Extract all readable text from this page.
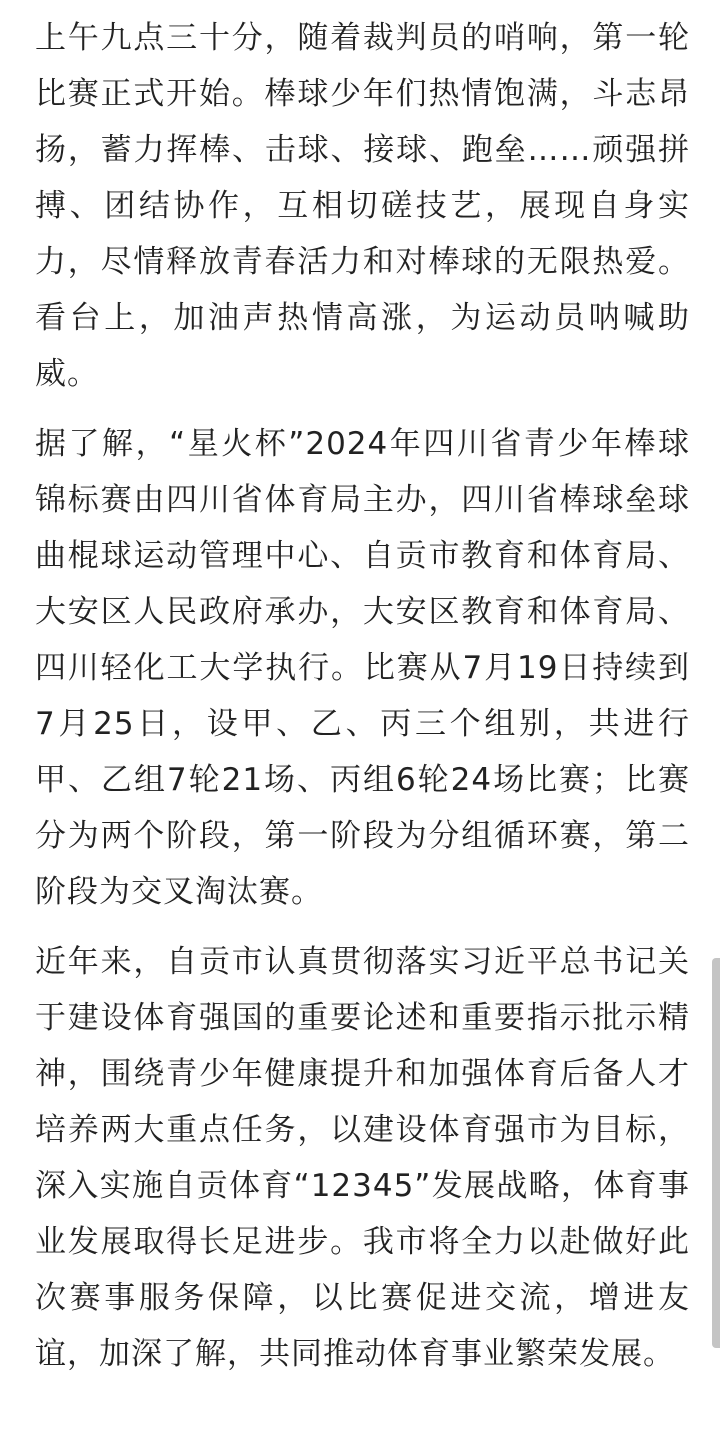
上午九点三十分，随着裁判员的哨响，第一轮比赛正式开始。棒球少年们热情饱满，斗志昂扬，蓄力挥棒、击球、接球、跑垒……顽强拼搏、团结协作，互相切磋技艺，展现自身实力，尽情释放青春活力和对棒球的无限热爱。看台上，加油声热情高涨，为运动员呐喊助威。

据了解，“星火杯”2024年四川省青少年棒球锦标赛由四川省体育局主办，四川省棒球垒球曲棍球运动管理中心、自贡市教育和体育局、大安区人民政府承办，大安区教育和体育局、四川轻化工大学执行。比赛从7月19日持续到7月25日，设甲、乙、丙三个组别，共进行甲、乙组7轮21场、丙组6轮24场比赛；比赛分为两个阶段，第一阶段为分组循环赛，第二阶段为交叉淘汰赛。

近年来，自贡市认真贯彻落实习近平总书记关于建设体育强国的重要论述和重要指示批示精神，围绕青少年健康提升和加强体育后备人才培养两大重点任务，以建设体育强市为目标，深入实施自贡体育“12345”发展战略，体育事业发展取得长足进步。我市将全力以赴做好此次赛事服务保障，以比赛促进交流，增进友谊，加深了解，共同推动体育事业繁荣发展。
